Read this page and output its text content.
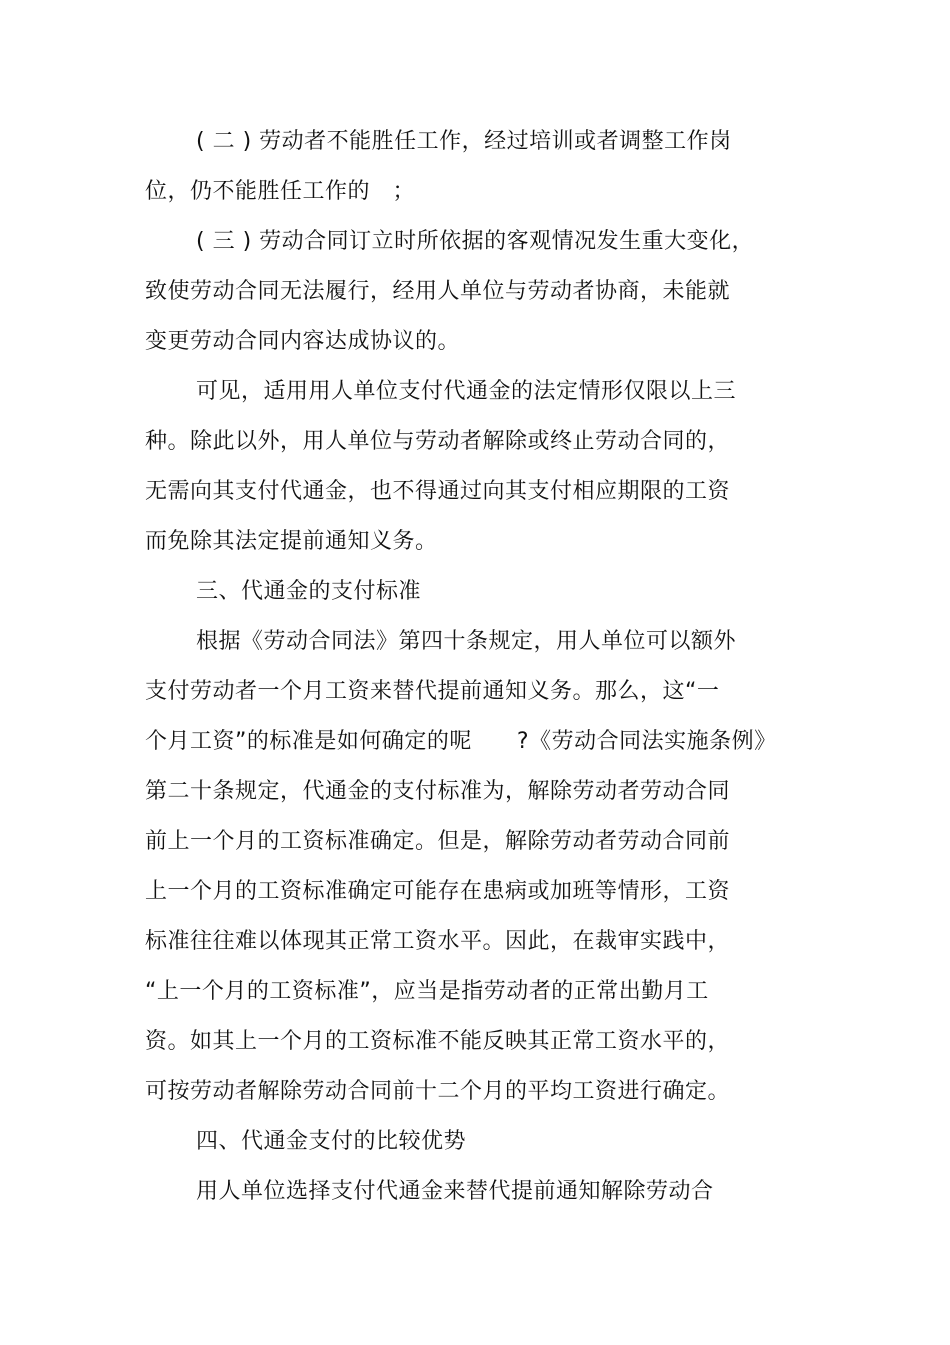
( 二 ) 劳动者不能胜任工作，经过培训或者调整工作岗
位，仍不能胜任工作的　；
( 三 ) 劳动合同订立时所依据的客观情况发生重大变化，
致使劳动合同无法履行，经用人单位与劳动者协商，未能就
变更劳动合同内容达成协议的。
可见，适用用人单位支付代通金的法定情形仅限以上三
种。除此以外，用人单位与劳动者解除或终止劳动合同的，
无需向其支付代通金，也不得通过向其支付相应期限的工资
而免除其法定提前通知义务。
三、代通金的支付标准
根据《劳动合同法》第四十条规定，用人单位可以额外
支付劳动者一个月工资来替代提前通知义务。那么，这“一
个月工资”的标准是如何确定的呢　　?《劳动合同法实施条例》
第二十条规定，代通金的支付标准为，解除劳动者劳动合同
前上一个月的工资标准确定。但是，解除劳动者劳动合同前
上一个月的工资标准确定可能存在患病或加班等情形，工资
标准往往难以体现其正常工资水平。因此，在裁审实践中，
“上一个月的工资标准”，应当是指劳动者的正常出勤月工
资。如其上一个月的工资标准不能反映其正常工资水平的，
可按劳动者解除劳动合同前十二个月的平均工资进行确定。
四、代通金支付的比较优势
用人单位选择支付代通金来替代提前通知解除劳动合
